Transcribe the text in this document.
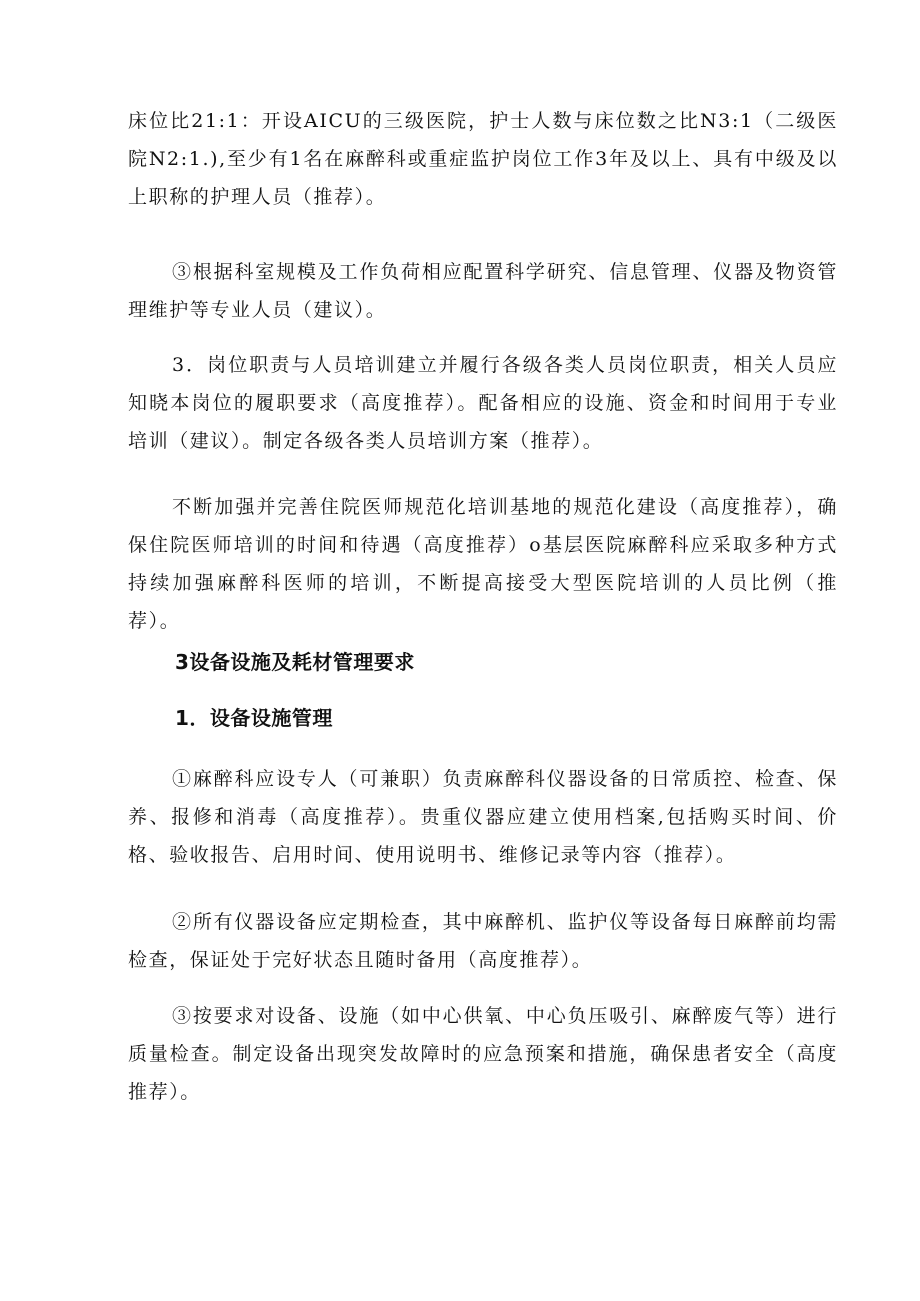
床位比21:1：开设AICU的三级医院，护士人数与床位数之比N3:1（二级医院N2:1.),至少有1名在麻醉科或重症监护岗位工作3年及以上、具有中级及以上职称的护理人员（推荐）。

③根据科室规模及工作负荷相应配置科学研究、信息管理、仪器及物资管理维护等专业人员（建议）。

3．岗位职责与人员培训建立并履行各级各类人员岗位职责，相关人员应知晓本岗位的履职要求（高度推荐）。配备相应的设施、资金和时间用于专业培训（建议）。制定各级各类人员培训方案（推荐）。

不断加强并完善住院医师规范化培训基地的规范化建设（高度推荐），确保住院医师培训的时间和待遇（高度推荐）o基层医院麻醉科应采取多种方式持续加强麻醉科医师的培训，不断提高接受大型医院培训的人员比例（推荐）。

3设备设施及耗材管理要求
1．设备设施管理

①麻醉科应设专人（可兼职）负责麻醉科仪器设备的日常质控、检查、保养、报修和消毒（高度推荐）。贵重仪器应建立使用档案,包括购买时间、价格、验收报告、启用时间、使用说明书、维修记录等内容（推荐）。

②所有仪器设备应定期检查，其中麻醉机、监护仪等设备每日麻醉前均需检查，保证处于完好状态且随时备用（高度推荐）。

③按要求对设备、设施（如中心供氧、中心负压吸引、麻醉废气等）进行质量检查。制定设备出现突发故障时的应急预案和措施，确保患者安全（高度推荐）。
